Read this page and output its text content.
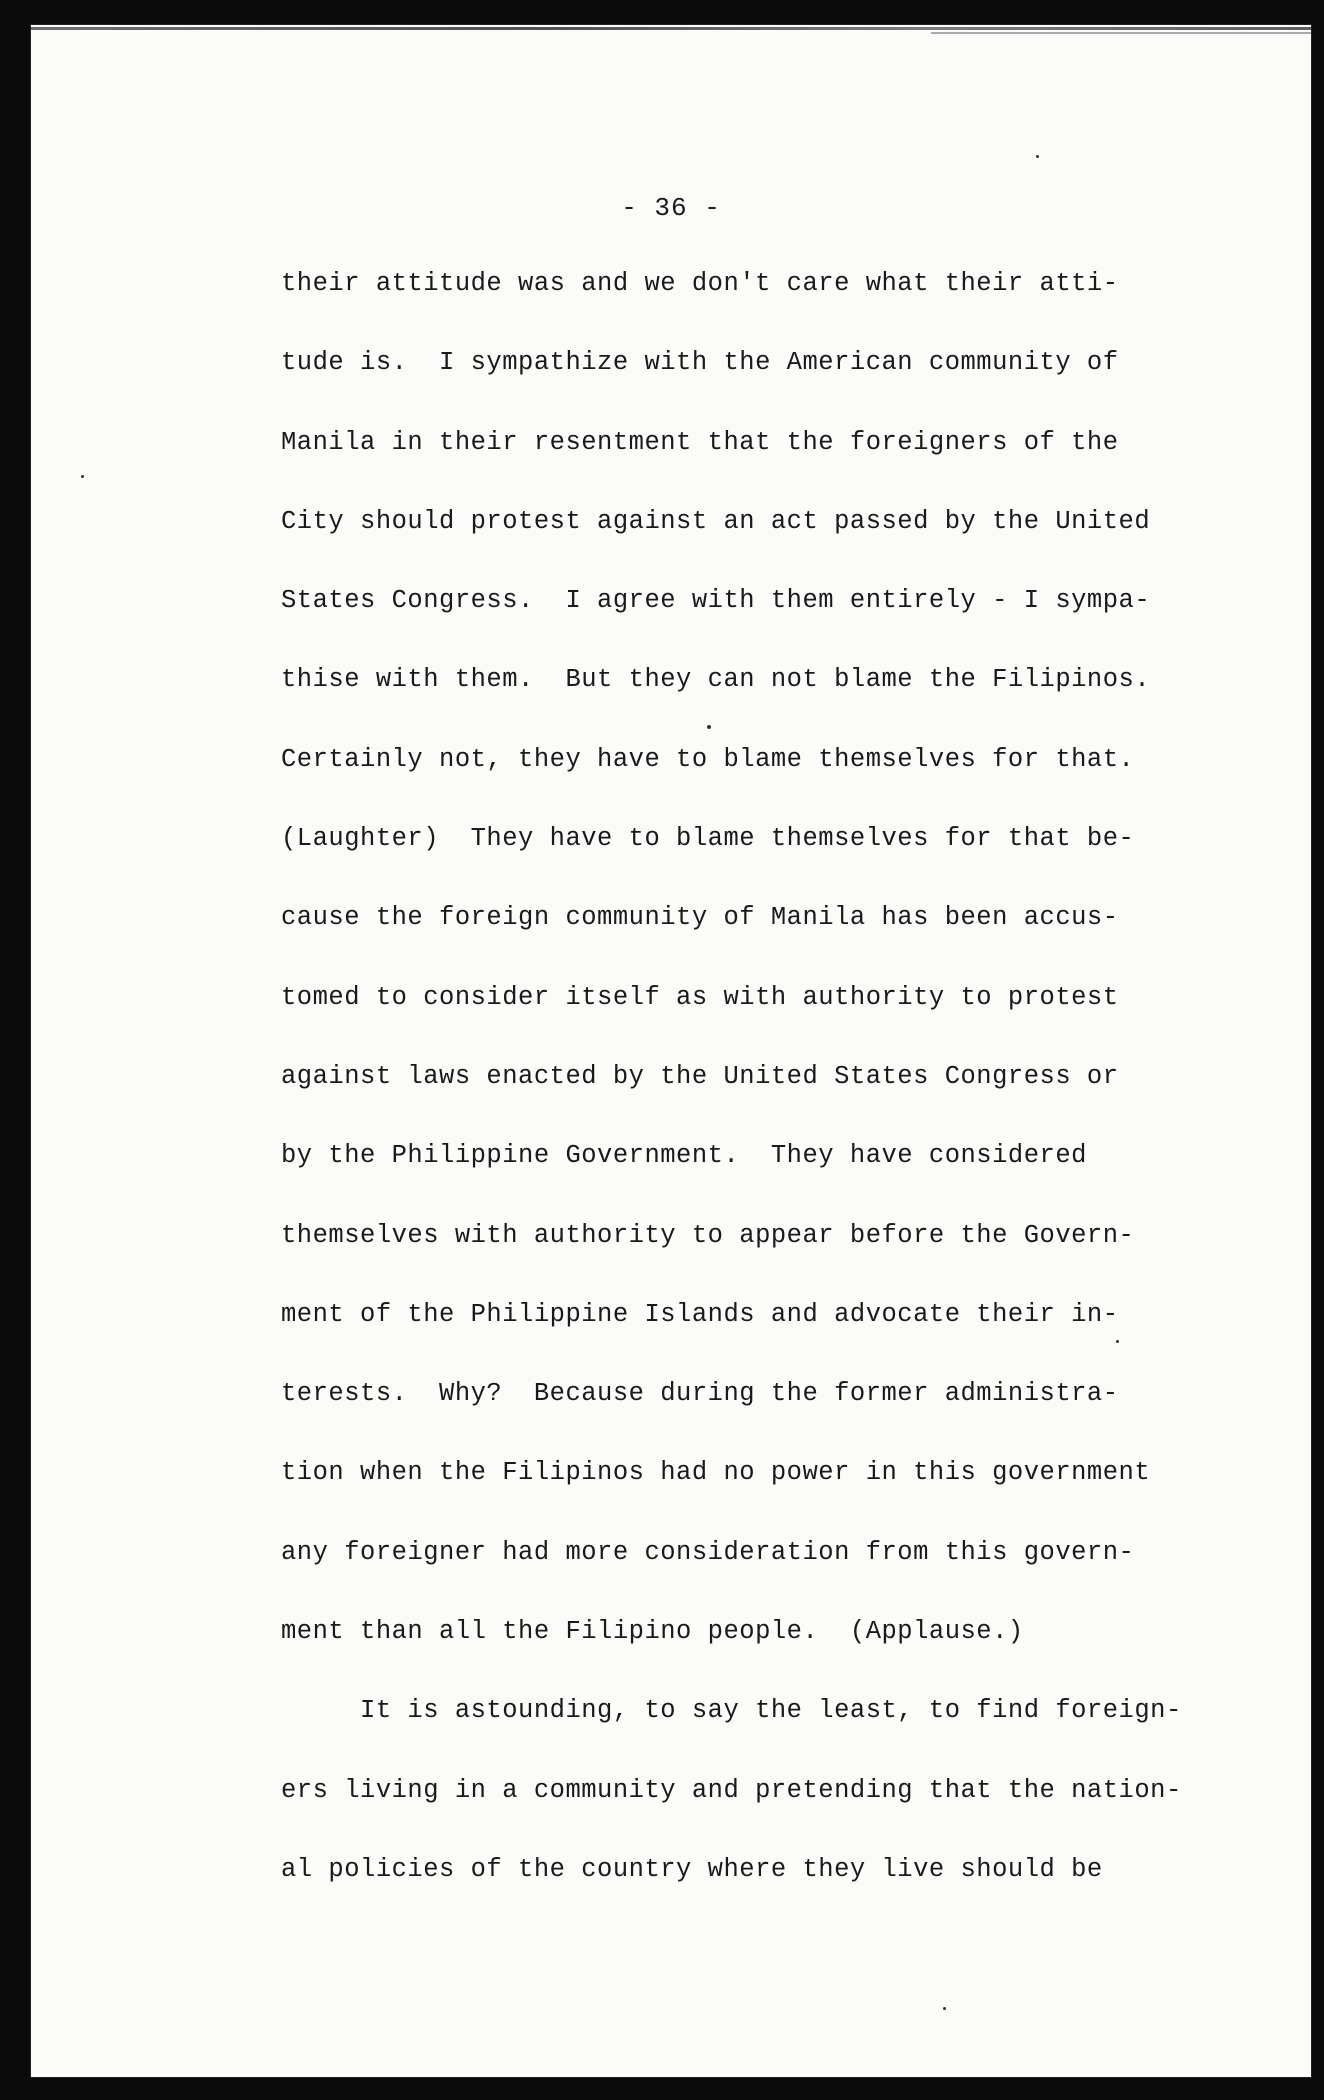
- 36 -
their attitude was and we don't care what their atti-
tude is.  I sympathize with the American community of
Manila in their resentment that the foreigners of the
City should protest against an act passed by the United
States Congress.  I agree with them entirely - I sympa-
thise with them.  But they can not blame the Filipinos.
Certainly not, they have to blame themselves for that.
(Laughter)  They have to blame themselves for that be-
cause the foreign community of Manila has been accus-
tomed to consider itself as with authority to protest
against laws enacted by the United States Congress or
by the Philippine Government.  They have considered
themselves with authority to appear before the Govern-
ment of the Philippine Islands and advocate their in-
terests.  Why?  Because during the former administra-
tion when the Filipinos had no power in this government
any foreigner had more consideration from this govern-
ment than all the Filipino people.  (Applause.)
It is astounding, to say the least, to find foreign-
ers living in a community and pretending that the nation-
al policies of the country where they live should be
